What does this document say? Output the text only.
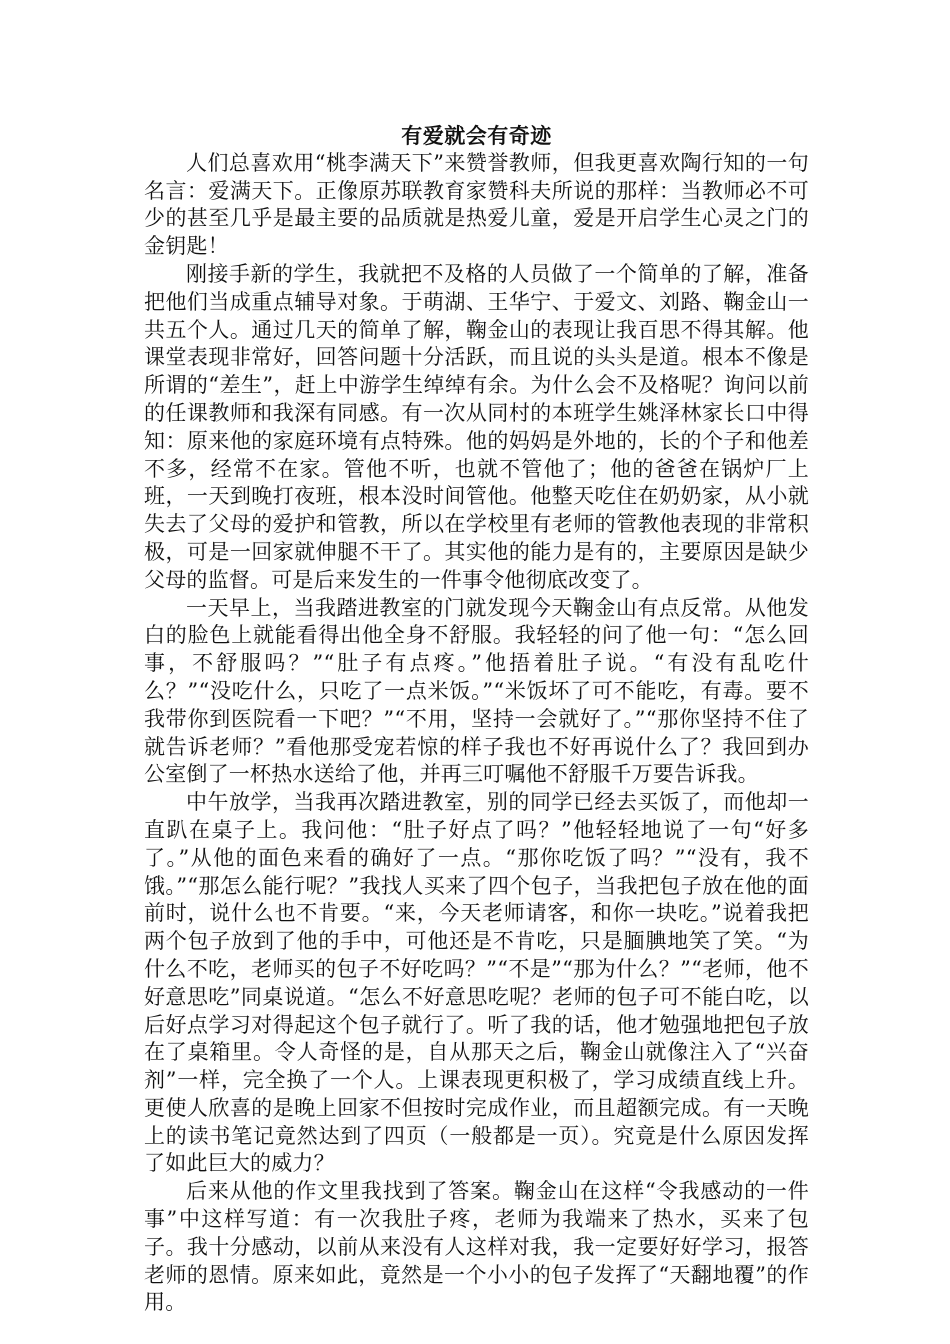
有爱就会有奇迹

人们总喜欢用“桃李满天下”来赞誉教师，但我更喜欢陶行知的一句名言：爱满天下。正像原苏联教育家赞科夫所说的那样：当教师必不可少的甚至几乎是最主要的品质就是热爱儿童，爱是开启学生心灵之门的金钥匙！

刚接手新的学生，我就把不及格的人员做了一个简单的了解，准备把他们当成重点辅导对象。于萌湖、王华宁、于爱文、刘路、鞠金山一共五个人。通过几天的简单了解，鞠金山的表现让我百思不得其解。他课堂表现非常好，回答问题十分活跃，而且说的头头是道。根本不像是所谓的“差生”，赶上中游学生绰绰有余。为什么会不及格呢？询问以前的任课教师和我深有同感。有一次从同村的本班学生姚泽林家长口中得知：原来他的家庭环境有点特殊。他的妈妈是外地的，长的个子和他差不多，经常不在家。管他不听，也就不管他了；他的爸爸在锅炉厂上班，一天到晚打夜班，根本没时间管他。他整天吃住在奶奶家，从小就失去了父母的爱护和管教，所以在学校里有老师的管教他表现的非常积极，可是一回家就伸腿不干了。其实他的能力是有的，主要原因是缺少父母的监督。可是后来发生的一件事令他彻底改变了。

一天早上，当我踏进教室的门就发现今天鞠金山有点反常。从他发白的脸色上就能看得出他全身不舒服。我轻轻的问了他一句：“怎么回事，不舒服吗？”“肚子有点疼。”他捂着肚子说。“有没有乱吃什么？”“没吃什么，只吃了一点米饭。”“米饭坏了可不能吃，有毒。要不我带你到医院看一下吧？”“不用，坚持一会就好了。”“那你坚持不住了就告诉老师？”看他那受宠若惊的样子我也不好再说什么了？我回到办公室倒了一杯热水送给了他，并再三叮嘱他不舒服千万要告诉我。

中午放学，当我再次踏进教室，别的同学已经去买饭了，而他却一直趴在桌子上。我问他：“肚子好点了吗？”他轻轻地说了一句“好多了。”从他的面色来看的确好了一点。“那你吃饭了吗？”“没有，我不饿。”“那怎么能行呢？”我找人买来了四个包子，当我把包子放在他的面前时，说什么也不肯要。“来，今天老师请客，和你一块吃。”说着我把两个包子放到了他的手中，可他还是不肯吃，只是腼腆地笑了笑。“为什么不吃，老师买的包子不好吃吗？”“不是”“那为什么？”“老师，他不好意思吃”同桌说道。“怎么不好意思吃呢？老师的包子可不能白吃，以后好点学习对得起这个包子就行了。听了我的话，他才勉强地把包子放在了桌箱里。令人奇怪的是，自从那天之后，鞠金山就像注入了“兴奋剂”一样，完全换了一个人。上课表现更积极了，学习成绩直线上升。更使人欣喜的是晚上回家不但按时完成作业，而且超额完成。有一天晚上的读书笔记竟然达到了四页（一般都是一页）。究竟是什么原因发挥了如此巨大的威力？

后来从他的作文里我找到了答案。鞠金山在这样“令我感动的一件事”中这样写道：有一次我肚子疼，老师为我端来了热水，买来了包子。我十分感动，以前从来没有人这样对我，我一定要好好学习，报答老师的恩情。原来如此，竟然是一个小小的包子发挥了“天翻地覆”的作用。
